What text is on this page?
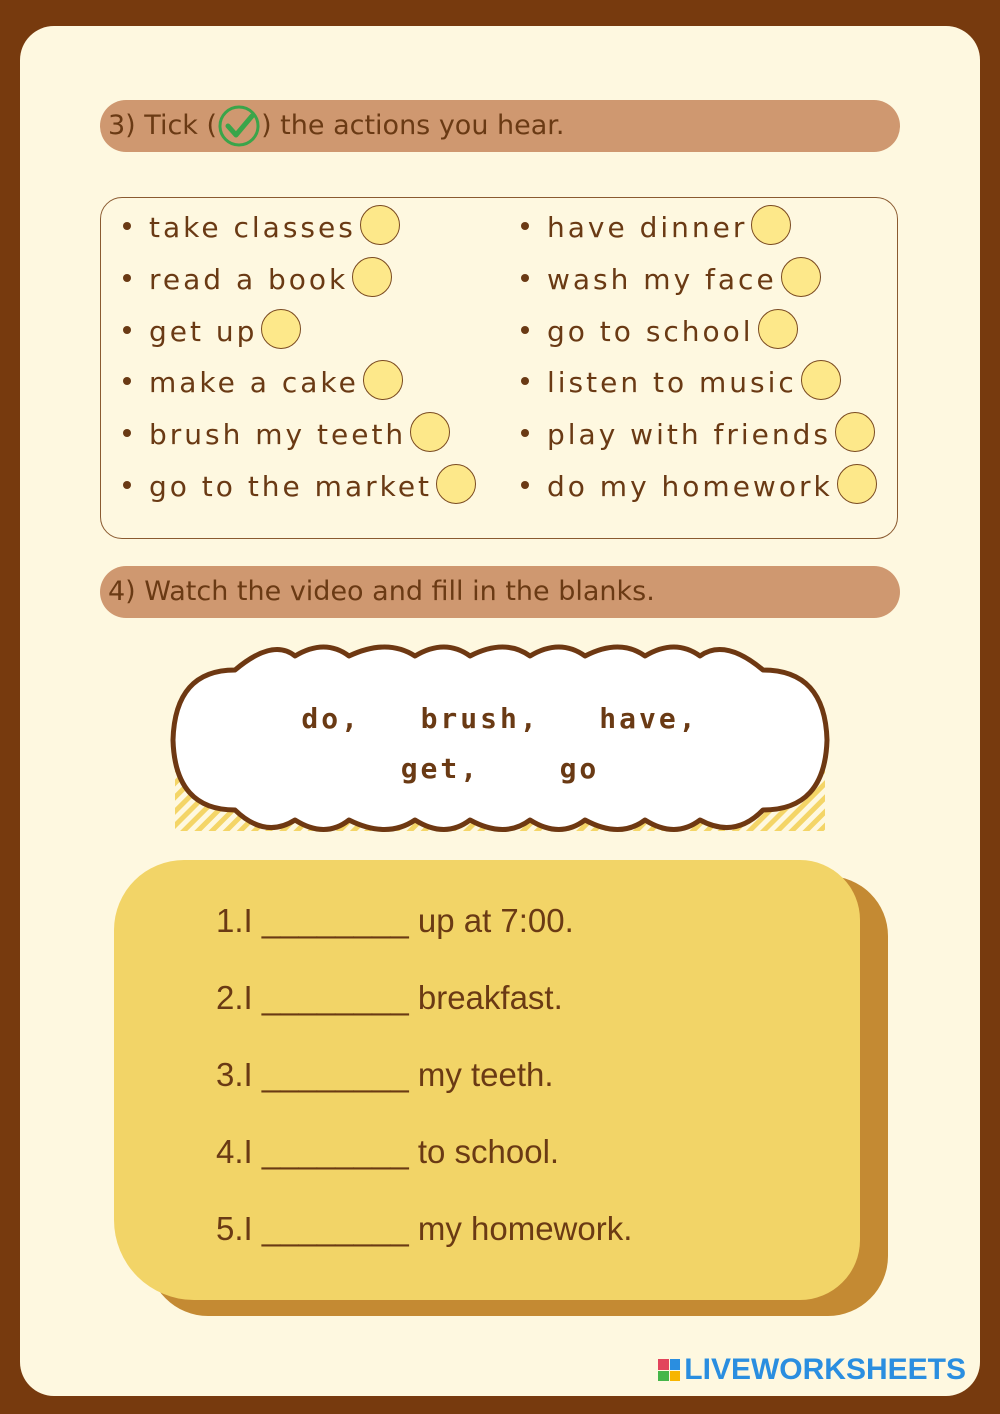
3) Tick ( ) the actions you hear.
take classes
read a book
get up
make a cake
brush my teeth
go to the market
have dinner
wash my face
go to school
listen to music
play with friends
do my homework
4) Watch the video and fill in the blanks.
do,   brush,   have,
get,    go
1.I ________ up at 7:00.
2.I ________ breakfast.
3.I ________ my teeth.
4.I ________ to school.
5.I ________ my homework.
LIVEWORKSHEETS
